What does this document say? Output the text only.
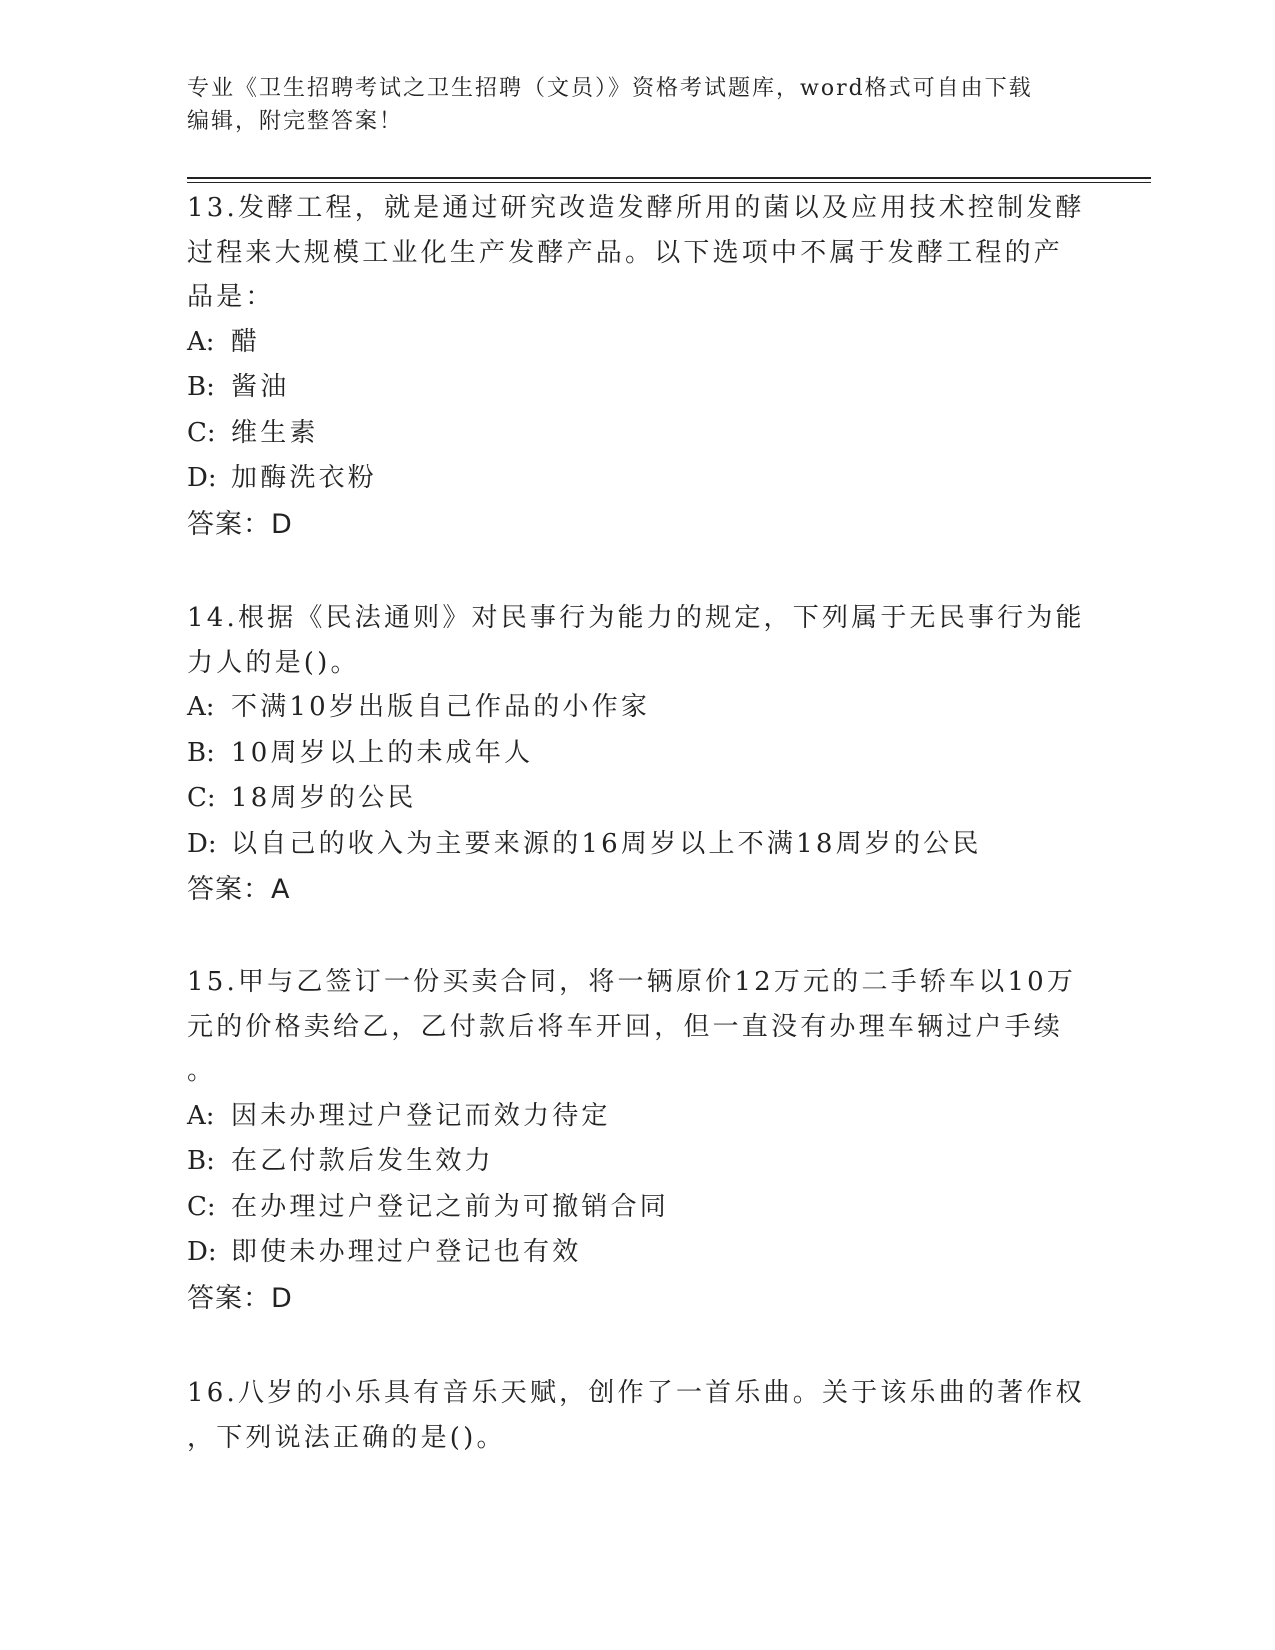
专业《卫生招聘考试之卫生招聘（文员）》资格考试题库，word格式可自由下载
编辑，附完整答案！

13.发酵工程，就是通过研究改造发酵所用的菌以及应用技术控制发酵

过程来大规模工业化生产发酵产品。以下选项中不属于发酵工程的产

品是：

A: 醋

B: 酱油

C: 维生素

D: 加酶洗衣粉

答案：D

14.根据《民法通则》对民事行为能力的规定，下列属于无民事行为能

力人的是()。

A: 不满10岁出版自己作品的小作家

B: 10周岁以上的未成年人

C: 18周岁的公民

D: 以自己的收入为主要来源的16周岁以上不满18周岁的公民

答案：A

15.甲与乙签订一份买卖合同，将一辆原价12万元的二手轿车以10万

元的价格卖给乙，乙付款后将车开回，但一直没有办理车辆过户手续

。

A: 因未办理过户登记而效力待定

B: 在乙付款后发生效力

C: 在办理过户登记之前为可撤销合同

D: 即使未办理过户登记也有效

答案：D

16.八岁的小乐具有音乐天赋，创作了一首乐曲。关于该乐曲的著作权

，下列说法正确的是()。
